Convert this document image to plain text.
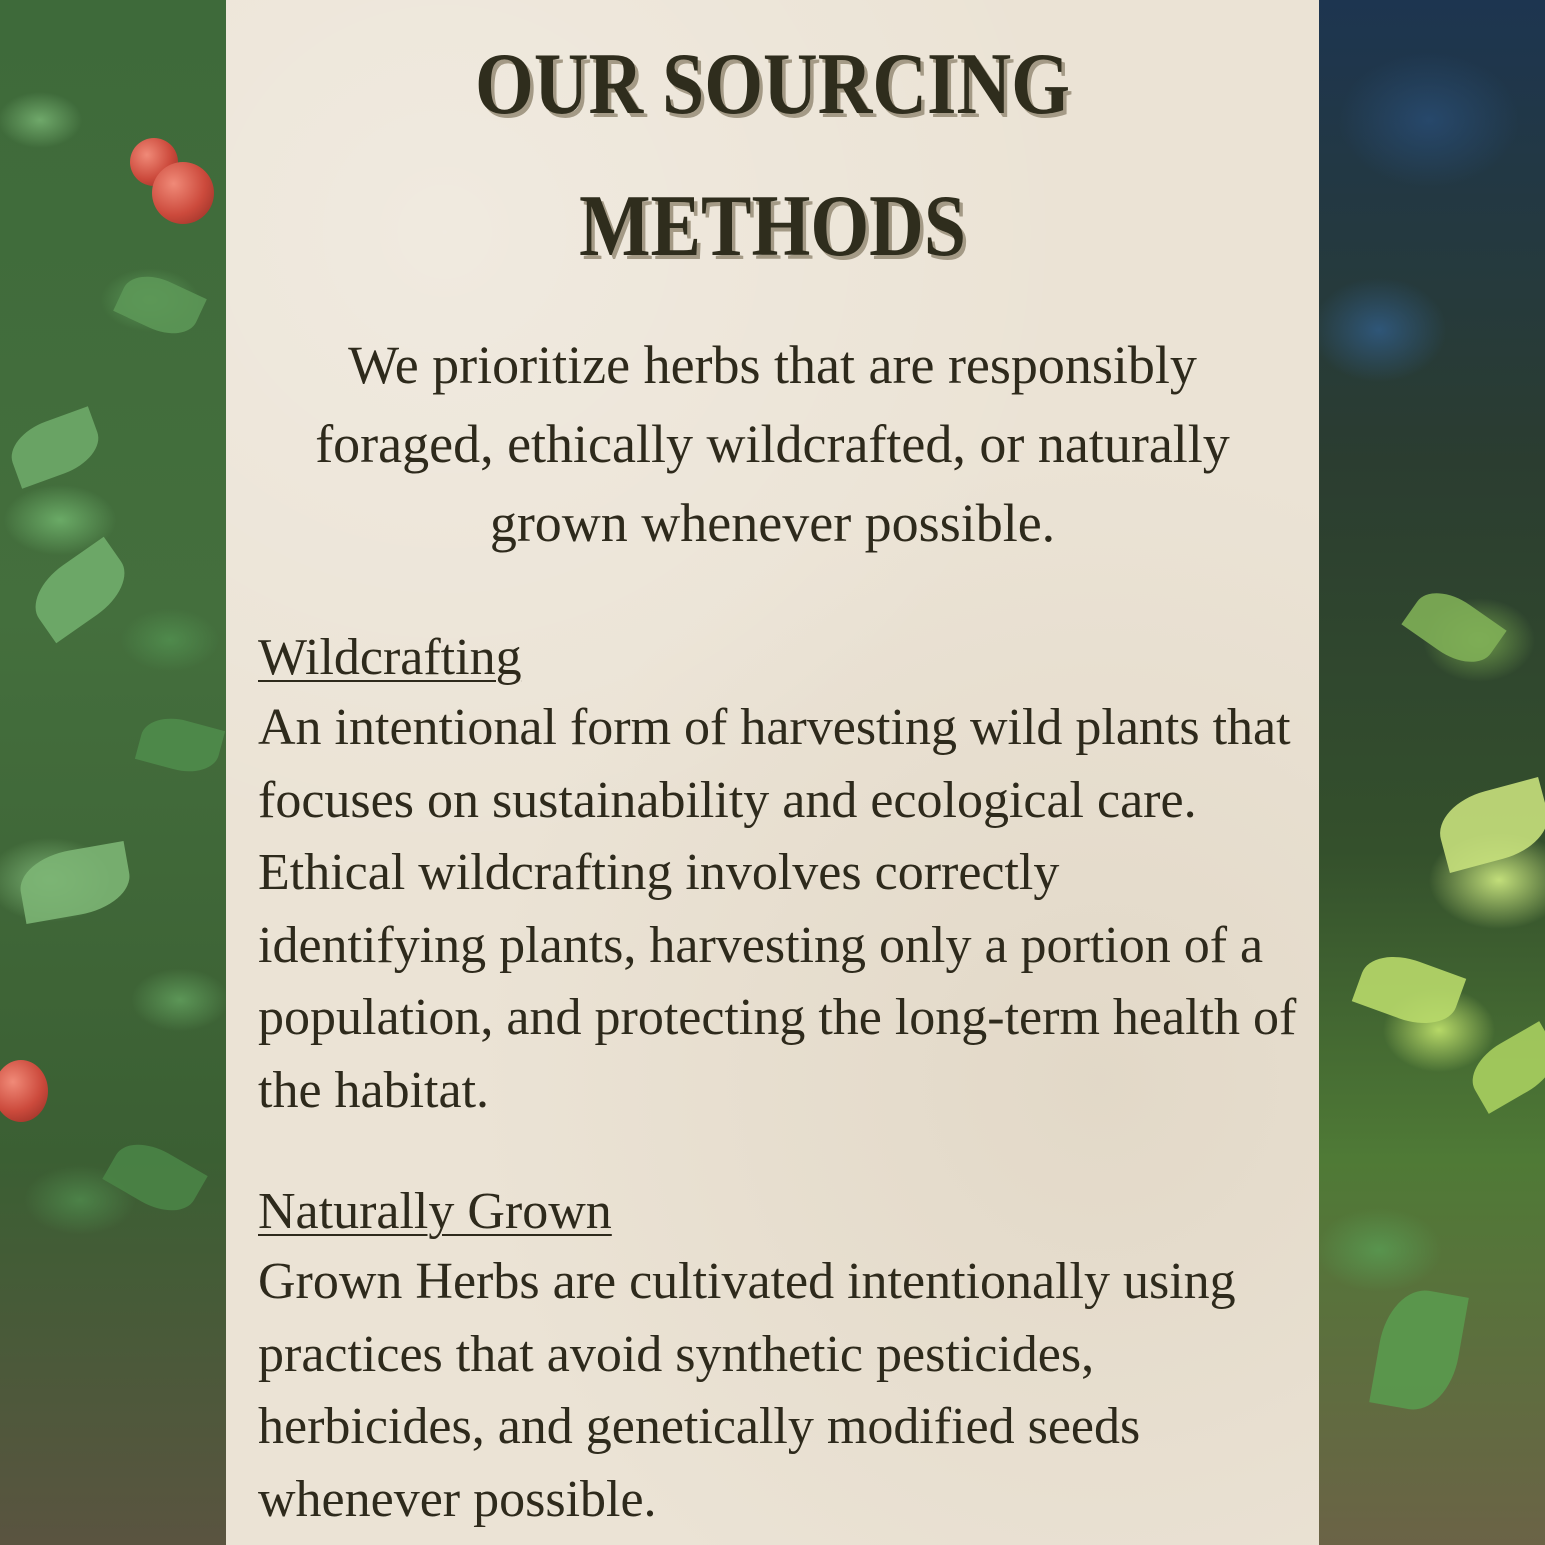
OUR SOURCING
METHODS

We prioritize herbs that are responsibly foraged, ethically wildcrafted, or naturally grown whenever possible.

Wildcrafting

An intentional form of harvesting wild plants that focuses on sustainability and ecological care. Ethical wildcrafting involves correctly identifying plants, harvesting only a portion of a population, and protecting the long-term health of the habitat.

Naturally Grown

Grown Herbs are cultivated intentionally using practices that avoid synthetic pesticides, herbicides, and genetically modified seeds whenever possible.
